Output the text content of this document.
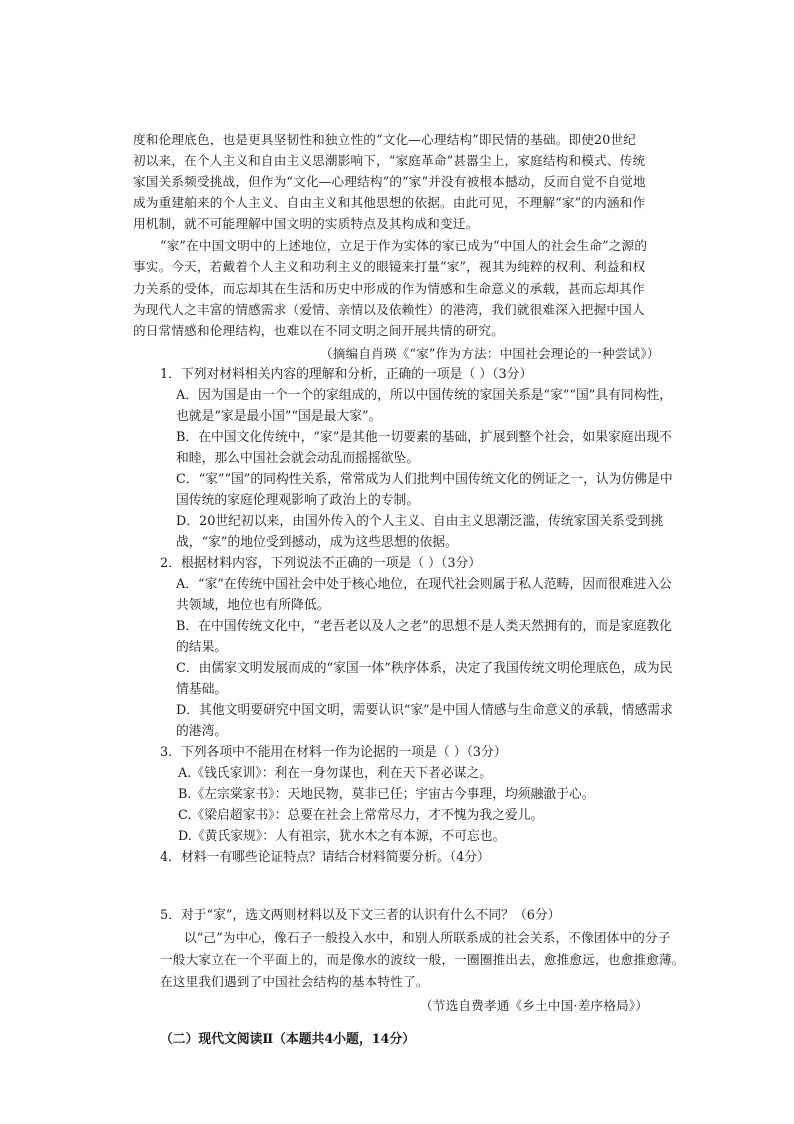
度和伦理底色，也是更具坚韧性和独立性的“文化—心理结构”即民情的基础。即使20世纪
初以来，在个人主义和自由主义思潮影响下，“家庭革命”甚嚣尘上，家庭结构和模式、传统
家国关系频受挑战，但作为“文化—心理结构”的“家”并没有被根本撼动，反而自觉不自觉地
成为重建舶来的个人主义、自由主义和其他思想的依据。由此可见，不理解“家”的内涵和作
用机制，就不可能理解中国文明的实质特点及其构成和变迁。
“家”在中国文明中的上述地位，立足于作为实体的家已成为“中国人的社会生命”之源的
事实。今天，若戴着个人主义和功利主义的眼镜来打量“家”，视其为纯粹的权利、利益和权
力关系的受体，而忘却其在生活和历史中形成的作为情感和生命意义的承载，甚而忘却其作
为现代人之丰富的情感需求（爱情、亲情以及依赖性）的港湾，我们就很难深入把握中国人
的日常情感和伦理结构，也难以在不同文明之间开展共情的研究。
（摘编自肖瑛《“家”作为方法：中国社会理论的一种尝试》）
1．下列对材料相关内容的理解和分析，正确的一项是（ ）（3分）
A．因为国是由一个一个的家组成的，所以中国传统的家国关系是“家”“国”具有同构性，
也就是“家是最小国”“国是最大家”。
B．在中国文化传统中，“家”是其他一切要素的基础，扩展到整个社会，如果家庭出现不
和睦，那么中国社会就会动乱而摇摇欲坠。
C．“家”“国”的同构性关系，常常成为人们批判中国传统文化的例证之一，认为仿佛是中
国传统的家庭伦理观影响了政治上的专制。
D．20世纪初以来，由国外传入的个人主义、自由主义思潮泛滥，传统家国关系受到挑
战，“家”的地位受到撼动，成为这些思想的依据。
2．根据材料内容，下列说法不正确的一项是（ ）（3分）
A．“家”在传统中国社会中处于核心地位，在现代社会则属于私人范畴，因而很难进入公
共领域，地位也有所降低。
B．在中国传统文化中，“老吾老以及人之老”的思想不是人类天然拥有的，而是家庭教化
的结果。
C．由儒家文明发展而成的“家国一体”秩序体系，决定了我国传统文明伦理底色，成为民
情基础。
D．其他文明要研究中国文明，需要认识“家”是中国人情感与生命意义的承载，情感需求
的港湾。
3．下列各项中不能用在材料一作为论据的一项是（ ）（3分）
A.《钱氏家训》：利在一身勿谋也，利在天下者必谋之。
B.《左宗棠家书》：天地民物，莫非已任；宇宙古今事理，均须融澈于心。
C.《梁启超家书》：总要在社会上常常尽力，才不愧为我之爱儿。
D.《黄氏家规》：人有祖宗，犹水木之有本源，不可忘也。
4．材料一有哪些论证特点？请结合材料简要分析。（4分）
5．对于“家”，选文两则材料以及下文三者的认识有什么不同？（6分）
以“己”为中心，像石子一般投入水中，和别人所联系成的社会关系，不像团体中的分子
一般大家立在一个平面上的，而是像水的波纹一般，一圈圈推出去，愈推愈远，也愈推愈薄。
在这里我们遇到了中国社会结构的基本特性了。
（节选自费孝通《乡土中国·差序格局》）
（二）现代文阅读Ⅱ（本题共4小题，14分）
